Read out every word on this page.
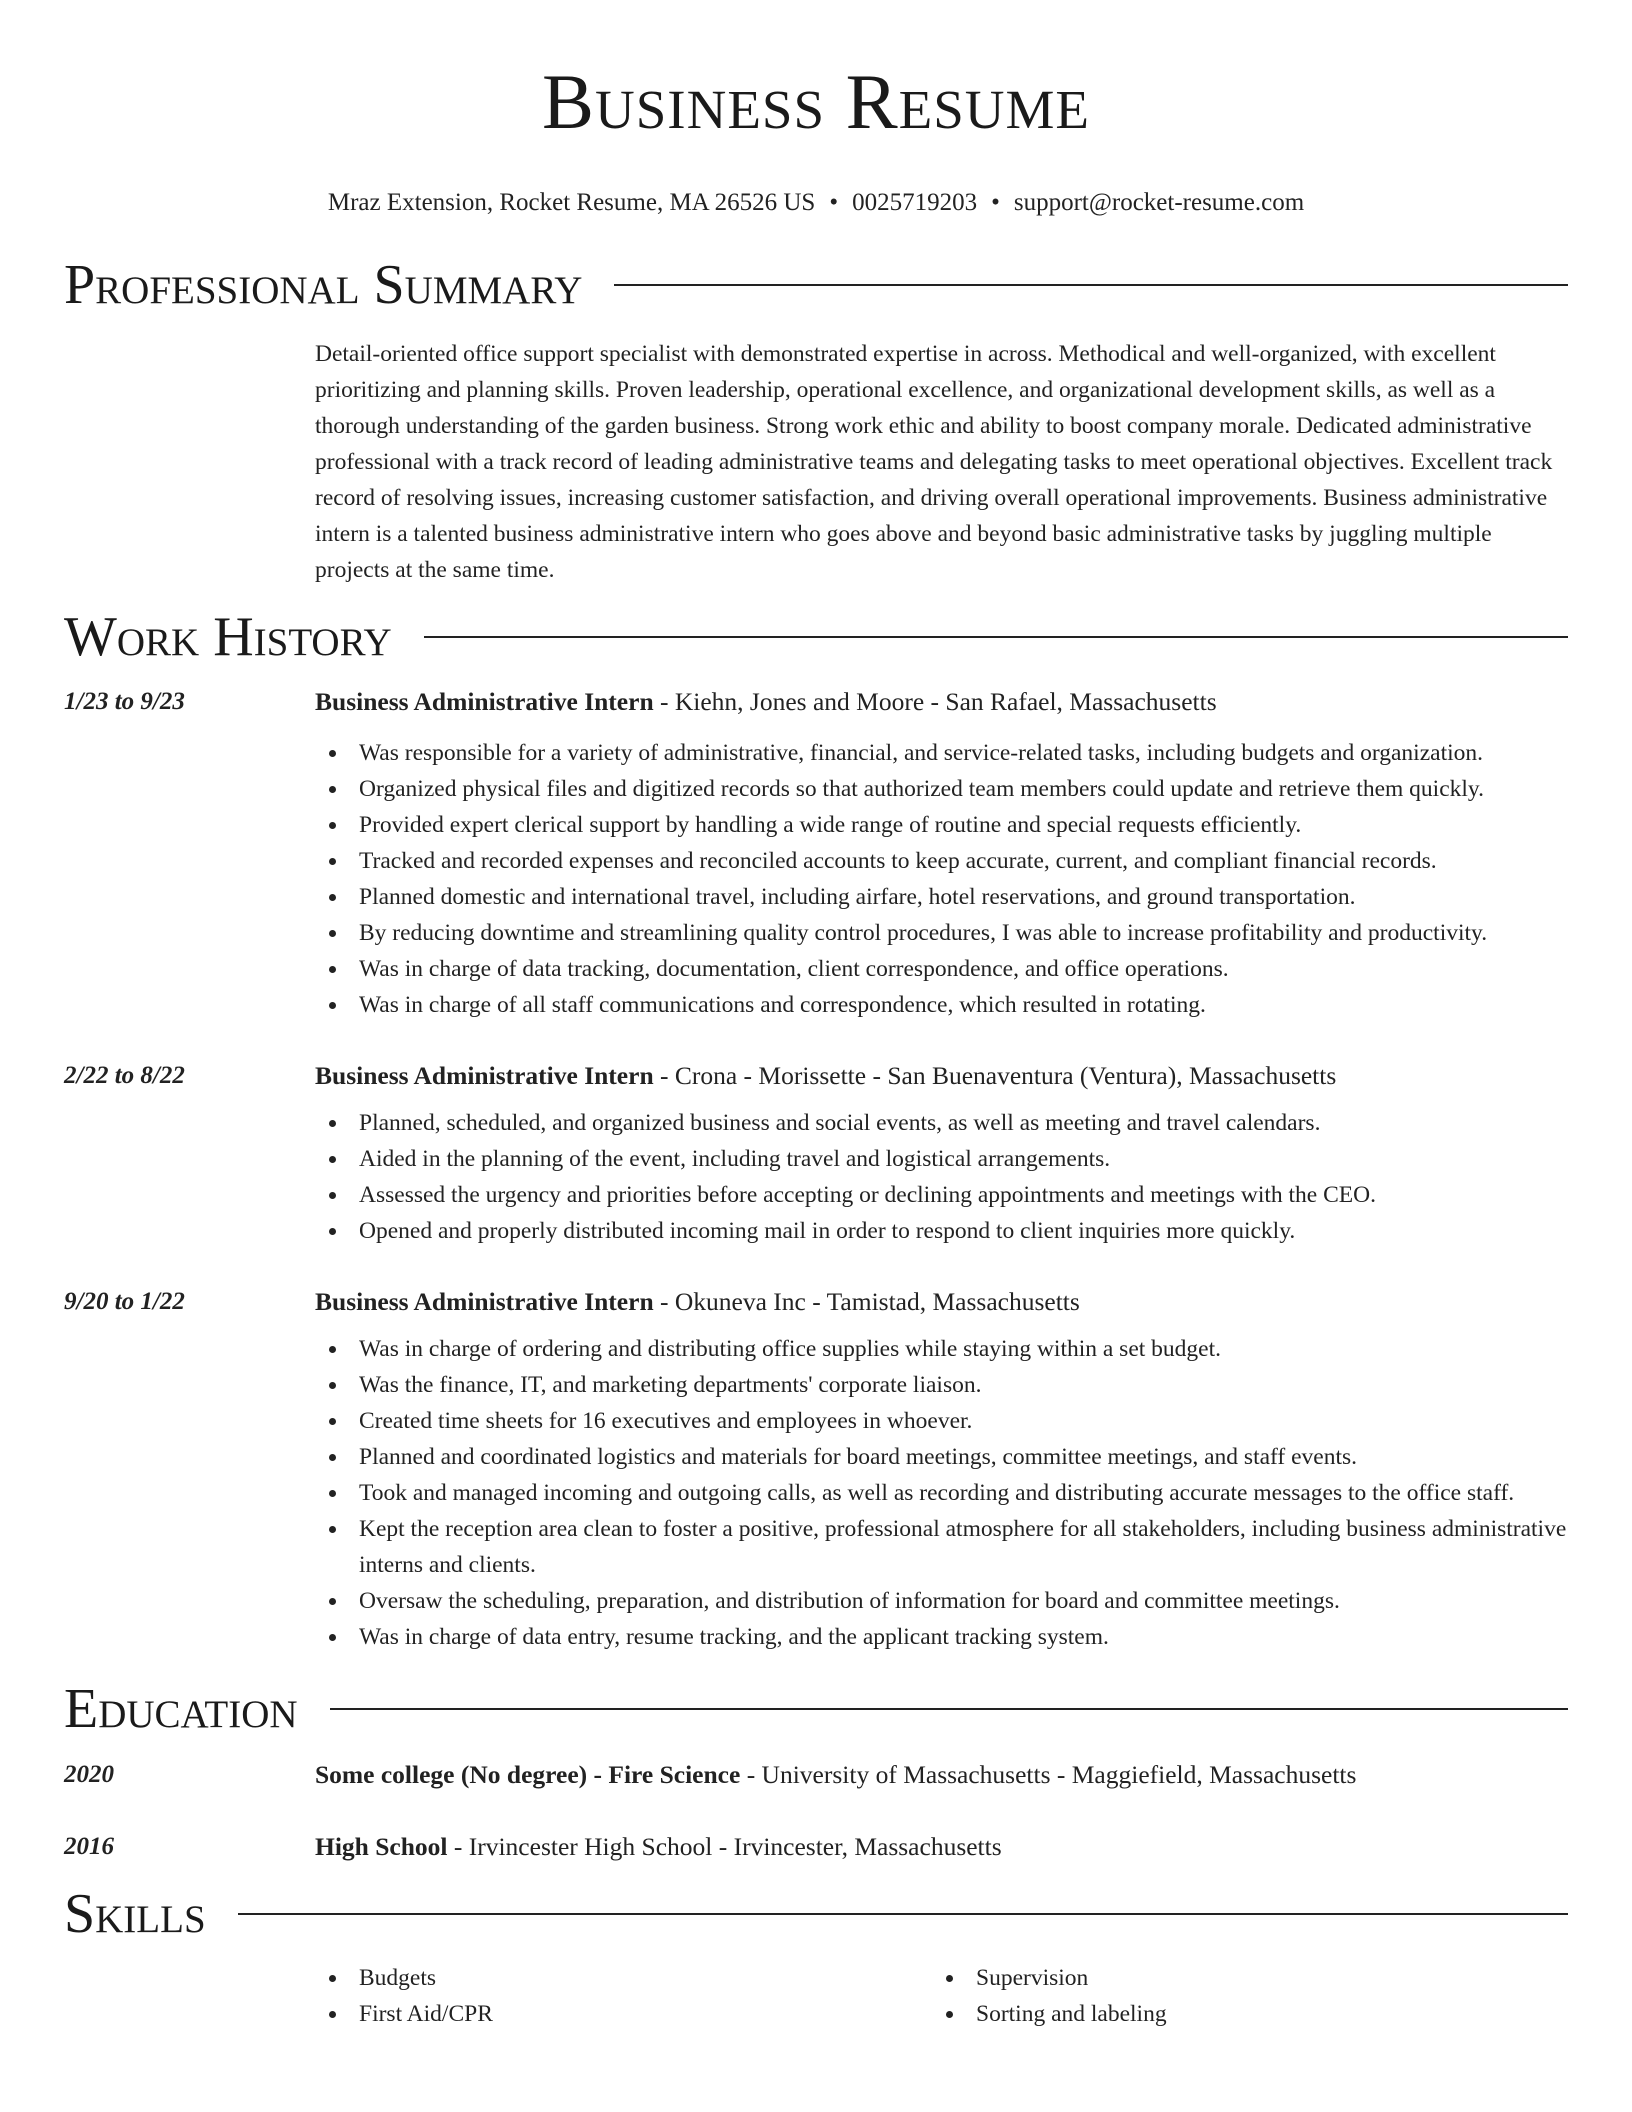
Business Resume
Mraz Extension, Rocket Resume, MA 26526 US • 0025719203 • support@rocket-resume.com
Professional Summary
Detail-oriented office support specialist with demonstrated expertise in across. Methodical and well-organized, with excellent prioritizing and planning skills. Proven leadership, operational excellence, and organizational development skills, as well as a thorough understanding of the garden business. Strong work ethic and ability to boost company morale. Dedicated administrative professional with a track record of leading administrative teams and delegating tasks to meet operational objectives. Excellent track record of resolving issues, increasing customer satisfaction, and driving overall operational improvements. Business administrative intern is a talented business administrative intern who goes above and beyond basic administrative tasks by juggling multiple projects at the same time.
Work History
1/23 to 9/23	Business Administrative Intern - Kiehn, Jones and Moore - San Rafael, Massachusetts
Was responsible for a variety of administrative, financial, and service-related tasks, including budgets and organization.
Organized physical files and digitized records so that authorized team members could update and retrieve them quickly.
Provided expert clerical support by handling a wide range of routine and special requests efficiently.
Tracked and recorded expenses and reconciled accounts to keep accurate, current, and compliant financial records.
Planned domestic and international travel, including airfare, hotel reservations, and ground transportation.
By reducing downtime and streamlining quality control procedures, I was able to increase profitability and productivity.
Was in charge of data tracking, documentation, client correspondence, and office operations.
Was in charge of all staff communications and correspondence, which resulted in rotating.
2/22 to 8/22	Business Administrative Intern - Crona - Morissette - San Buenaventura (Ventura), Massachusetts
Planned, scheduled, and organized business and social events, as well as meeting and travel calendars.
Aided in the planning of the event, including travel and logistical arrangements.
Assessed the urgency and priorities before accepting or declining appointments and meetings with the CEO.
Opened and properly distributed incoming mail in order to respond to client inquiries more quickly.
9/20 to 1/22	Business Administrative Intern - Okuneva Inc - Tamistad, Massachusetts
Was in charge of ordering and distributing office supplies while staying within a set budget.
Was the finance, IT, and marketing departments' corporate liaison.
Created time sheets for 16 executives and employees in whoever.
Planned and coordinated logistics and materials for board meetings, committee meetings, and staff events.
Took and managed incoming and outgoing calls, as well as recording and distributing accurate messages to the office staff.
Kept the reception area clean to foster a positive, professional atmosphere for all stakeholders, including business administrative interns and clients.
Oversaw the scheduling, preparation, and distribution of information for board and committee meetings.
Was in charge of data entry, resume tracking, and the applicant tracking system.
Education
2020	Some college (No degree) - Fire Science - University of Massachusetts - Maggiefield, Massachusetts
2016	High School - Irvincester High School - Irvincester, Massachusetts
Skills
Budgets
First Aid/CPR
Supervision
Sorting and labeling
